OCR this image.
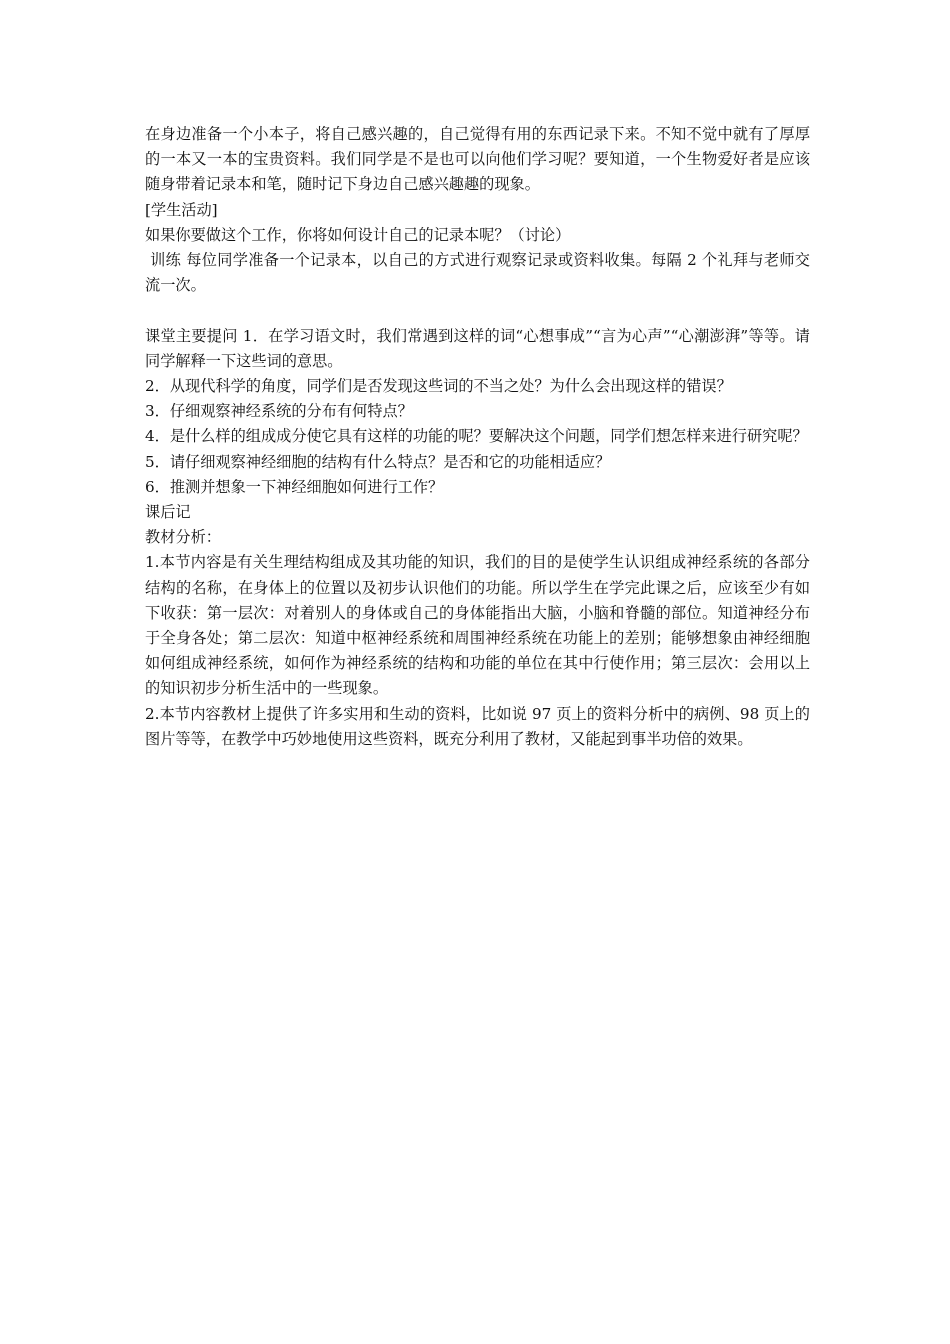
在身边准备一个小本子，将自己感兴趣的，自己觉得有用的东西记录下来。不知不觉中就有了厚厚的一本又一本的宝贵资料。我们同学是不是也可以向他们学习呢？要知道，一个生物爱好者是应该随身带着记录本和笔，随时记下身边自己感兴趣趣的现象。

[学生活动]

如果你要做这个工作，你将如何设计自己的记录本呢？（讨论）

训练 每位同学准备一个记录本，以自己的方式进行观察记录或资料收集。每隔 2 个礼拜与老师交流一次。

课堂主要提问 1．在学习语文时，我们常遇到这样的词“心想事成”“言为心声”“心潮澎湃”等等。请同学解释一下这些词的意思。

2．从现代科学的角度，同学们是否发现这些词的不当之处？为什么会出现这样的错误？

3．仔细观察神经系统的分布有何特点？

4．是什么样的组成成分使它具有这样的功能的呢？要解决这个问题，同学们想怎样来进行研究呢？

5．请仔细观察神经细胞的结构有什么特点？是否和它的功能相适应？

6．推测并想象一下神经细胞如何进行工作？

课后记

教材分析：

1.本节内容是有关生理结构组成及其功能的知识，我们的目的是使学生认识组成神经系统的各部分结构的名称，在身体上的位置以及初步认识他们的功能。所以学生在学完此课之后，应该至少有如下收获：第一层次：对着别人的身体或自己的身体能指出大脑，小脑和脊髓的部位。知道神经分布于全身各处；第二层次：知道中枢神经系统和周围神经系统在功能上的差别；能够想象由神经细胞如何组成神经系统，如何作为神经系统的结构和功能的单位在其中行使作用；第三层次：会用以上的知识初步分析生活中的一些现象。

2.本节内容教材上提供了许多实用和生动的资料，比如说 97 页上的资料分析中的病例、98 页上的图片等等，在教学中巧妙地使用这些资料，既充分利用了教材，又能起到事半功倍的效果。
